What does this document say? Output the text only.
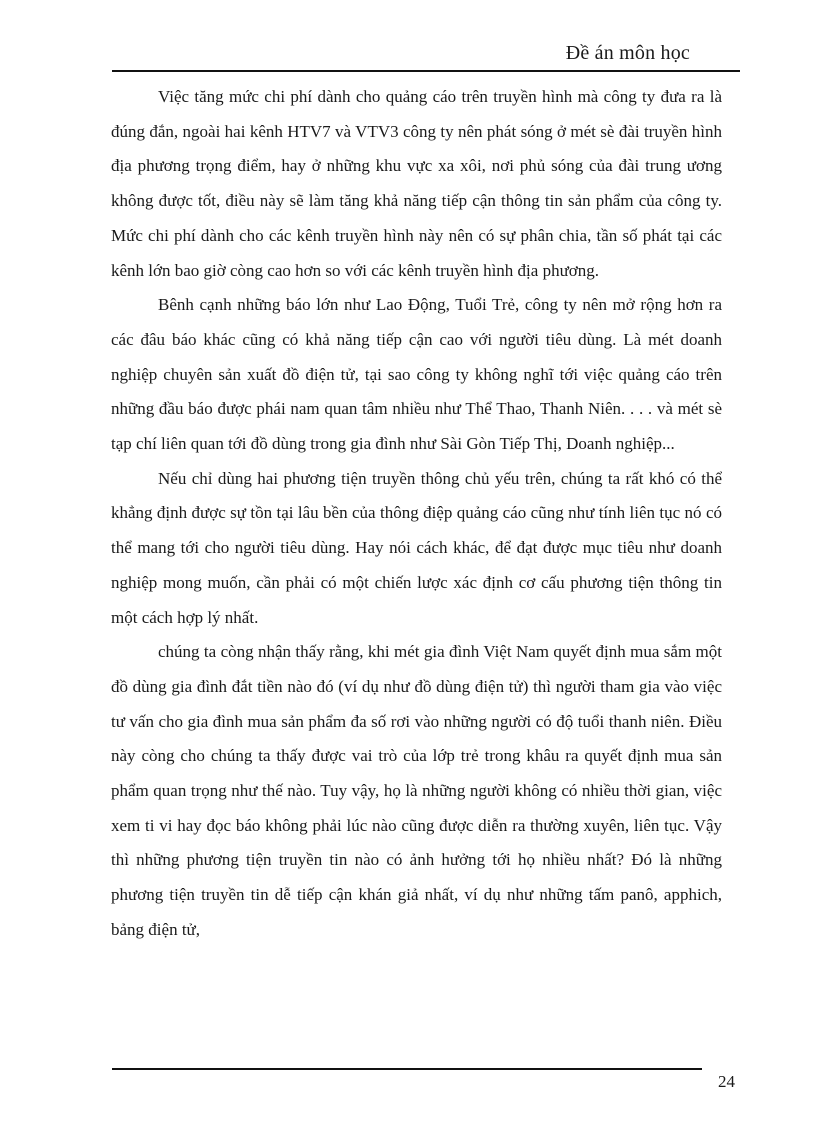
Đề án môn học

Việc tăng mức chi phí dành cho quảng cáo trên truyền hình mà công ty đưa ra là đúng đắn, ngoài hai kênh HTV7 và VTV3 công ty nên phát sóng ở mét sè đài truyền hình địa phương trọng điểm, hay ở những khu vực xa xôi, nơi phủ sóng của đài trung ương không được tốt, điều này sẽ làm tăng khả năng tiếp cận thông tin sản phẩm của công ty. Mức chi phí dành cho các kênh truyền hình này nên có sự phân chia, tần số phát tại các kênh lớn bao giờ còng cao hơn so với các kênh truyền hình địa phương.

Bênh cạnh những báo lớn như Lao Động, Tuổi Trẻ, công ty nên mở rộng hơn ra các đâu báo khác cũng có khả năng tiếp cận cao với người tiêu dùng. Là mét doanh nghiệp chuyên sản xuất đồ điện tử, tại sao công ty không nghĩ tới việc quảng cáo trên những đầu báo được phái nam quan tâm nhiều như Thể Thao, Thanh Niên. . . . và mét sè tạp chí liên quan tới đồ dùng trong gia đình như Sài Gòn Tiếp Thị, Doanh nghiệp...

Nếu chỉ dùng hai phương tiện truyền thông chủ yếu trên, chúng ta rất khó có thể khẳng định được sự tồn tại lâu bền của thông điệp quảng cáo cũng như tính liên tục nó có thể mang tới cho người tiêu dùng. Hay nói cách khác, để đạt được mục tiêu như doanh nghiệp mong muốn, cần phải có một chiến lược xác định cơ cấu phương tiện thông tin một cách hợp lý nhất.

chúng ta còng nhận thấy rằng, khi mét gia đình Việt Nam quyết định mua sắm một đồ dùng gia đình đắt tiền nào đó (ví dụ như đồ dùng điện tử) thì người tham gia vào việc tư vấn cho gia đình mua sản phẩm đa số rơi vào những người có độ tuổi thanh niên. Điều này còng cho chúng ta thấy được vai trò của lớp trẻ trong khâu ra quyết định mua sản phẩm quan trọng như thế nào. Tuy vậy, họ là những người không có nhiều thời gian, việc xem ti vi hay đọc báo không phải lúc nào cũng được diễn ra thường xuyên, liên tục. Vậy thì những phương tiện truyền tin nào có ảnh hưởng tới họ nhiều nhất? Đó là những phương tiện truyền tin dễ tiếp cận khán giả nhất, ví dụ như những tấm panô, apphich, bảng điện tử,

24
